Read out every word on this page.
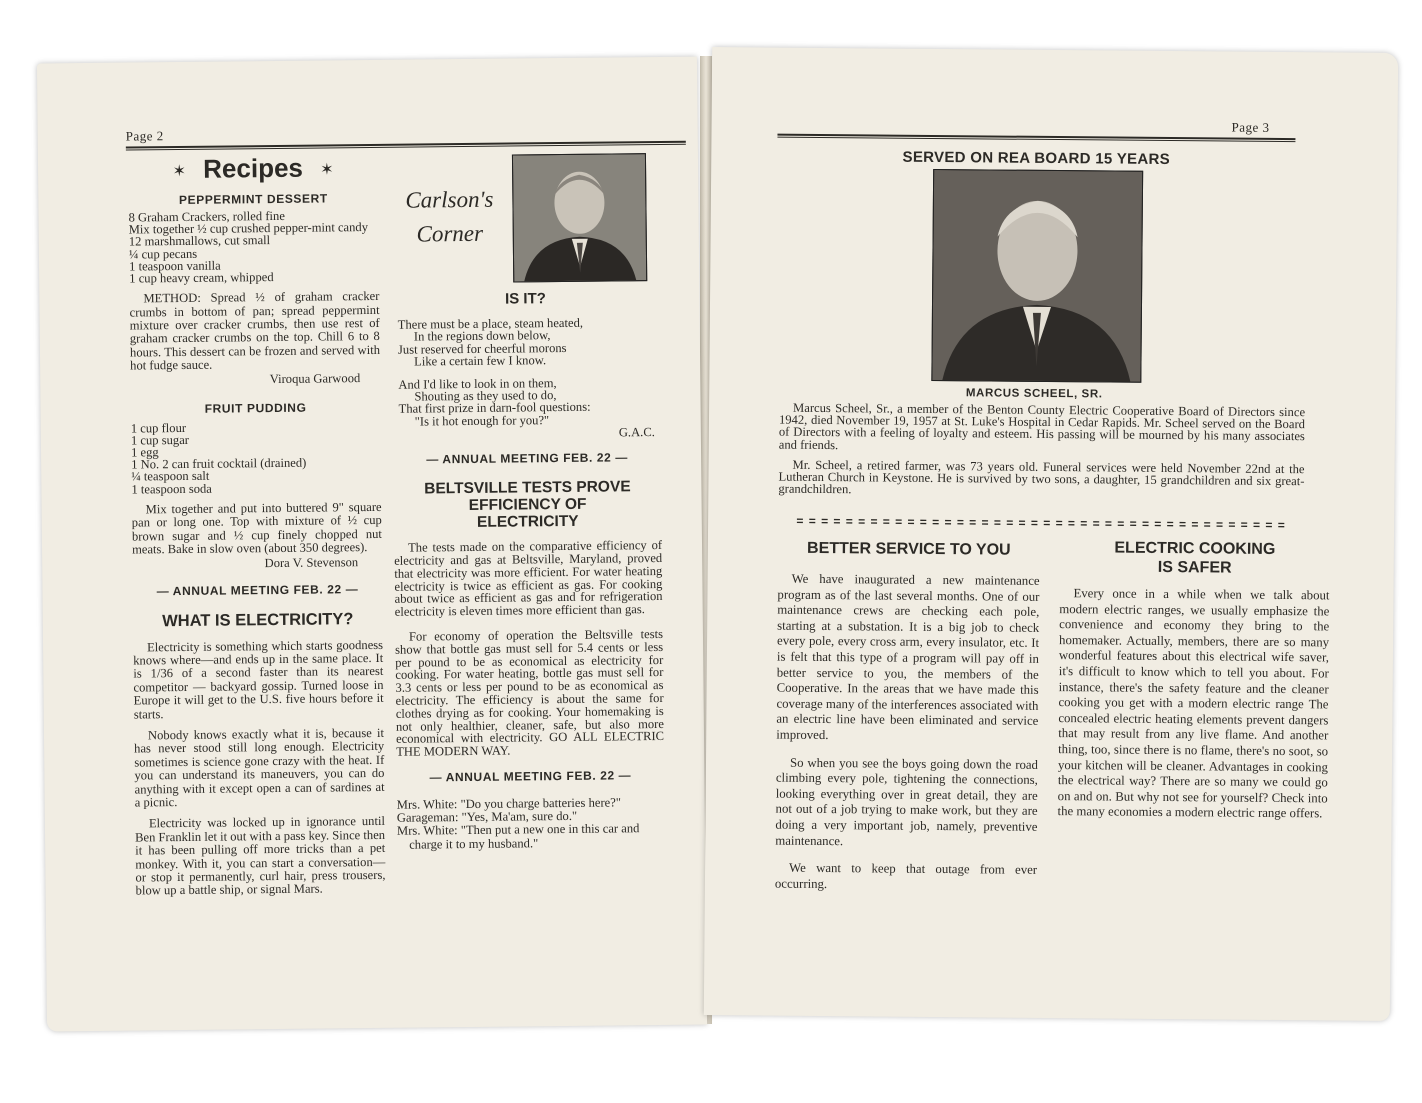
Page 2
✶ Recipes ✶
PEPPERMINT DESSERT
8 Graham Crackers, rolled fine
Mix together ½ cup crushed pepper-mint candy
12 marshmallows, cut small
¼ cup pecans
1 teaspoon vanilla
1 cup heavy cream, whipped

METHOD: Spread ½ of graham cracker crumbs in bottom of pan; spread peppermint mixture over cracker crumbs, then use rest of graham cracker crumbs on the top. Chill 6 to 8 hours. This dessert can be frozen and served with hot fudge sauce.

Viroqua Garwood
FRUIT PUDDING
1 cup flour
1 cup sugar
1 egg
1 No. 2 can fruit cocktail (drained)
¼ teaspoon salt
1 teaspoon soda

Mix together and put into buttered 9" square pan or long one. Top with mixture of ½ cup brown sugar and ½ cup finely chopped nut meats. Bake in slow oven (about 350 degrees).

Dora V. Stevenson
— ANNUAL MEETING FEB. 22 —
WHAT IS ELECTRICITY?

Electricity is something which starts goodness knows where—and ends up in the same place. It is 1/36 of a second faster than its nearest competitor — backyard gossip. Turned loose in Europe it will get to the U.S. five hours before it starts.

Nobody knows exactly what it is, because it has never stood still long enough. Electricity sometimes is science gone crazy with the heat. If you can understand its maneuvers, you can do anything with it except open a can of sardines at a picnic.

Electricity was locked up in ignorance until Ben Franklin let it out with a pass key. Since then it has been pulling off more tricks than a pet monkey. With it, you can start a conversation—or stop it permanently, curl hair, press trousers, blow up a battle ship, or signal Mars.

Carlson's
Corner
IS IT?
There must be a place, steam heated,
In the regions down below,
Just reserved for cheerful morons
Like a certain few I know.
And I'd like to look in on them,
Shouting as they used to do,
That first prize in darn-fool questions:
"Is it hot enough for you?"
G.A.C.
— ANNUAL MEETING FEB. 22 —
BELTSVILLE TESTS PROVE
EFFICIENCY OF
ELECTRICITY

The tests made on the comparative efficiency of electricity and gas at Beltsville, Maryland, proved that electricity was more efficient. For water heating electricity is twice as efficient as gas. For cooking about twice as efficient as gas and for refrigeration electricity is eleven times more efficient than gas.

For economy of operation the Beltsville tests show that bottle gas must sell for 5.4 cents or less per pound to be as economical as electricity for cooking. For water heating, bottle gas must sell for 3.3 cents or less per pound to be as economical as electricity. The efficiency is about the same for clothes drying as for cooking. Your homemaking is not only healthier, cleaner, safe, but also more economical with electricity. GO ALL ELECTRIC THE MODERN WAY.

— ANNUAL MEETING FEB. 22 —
Mrs. White: "Do you charge batteries here?"
Garageman: "Yes, Ma'am, sure do."
Mrs. White: "Then put a new one in this car and charge it to my husband."
Page 3
SERVED ON REA BOARD 15 YEARS
MARCUS SCHEEL, SR.

Marcus Scheel, Sr., a member of the Benton County Electric Cooperative Board of Directors since 1942, died November 19, 1957 at St. Luke's Hospital in Cedar Rapids. Mr. Scheel served on the Board of Directors with a feeling of loyalty and esteem. His passing will be mourned by his many associates and friends.

Mr. Scheel, a retired farmer, was 73 years old. Funeral services were held November 22nd at the Lutheran Church in Keystone. He is survived by two sons, a daughter, 15 grandchildren and six great-grandchildren.

= = = = = = = = = = = = = = = = = = = = = = = = = = = = = = = = = = = = = = = =
BETTER SERVICE TO YOU

We have inaugurated a new maintenance program as of the last several months. One of our maintenance crews are checking each pole, starting at a substation. It is a big job to check every pole, every cross arm, every insulator, etc. It is felt that this type of a program will pay off in better service to you, the members of the Cooperative. In the areas that we have made this coverage many of the interferences associated with an electric line have been eliminated and service improved.

So when you see the boys going down the road climbing every pole, tightening the connections, looking everything over in great detail, they are not out of a job trying to make work, but they are doing a very important job, namely, preventive maintenance.

We want to keep that outage from ever occurring.

ELECTRIC COOKING
IS SAFER

Every once in a while when we talk about modern electric ranges, we usually emphasize the convenience and economy they bring to the homemaker. Actually, members, there are so many wonderful features about this electrical wife saver, it's difficult to know which to tell you about. For instance, there's the safety feature and the cleaner cooking you get with a modern electric range The concealed electric heating elements prevent dangers that may result from any live flame. And another thing, too, since there is no flame, there's no soot, so your kitchen will be cleaner. Advantages in cooking the electrical way? There are so many we could go on and on. But why not see for yourself? Check into the many economies a modern electric range offers.
